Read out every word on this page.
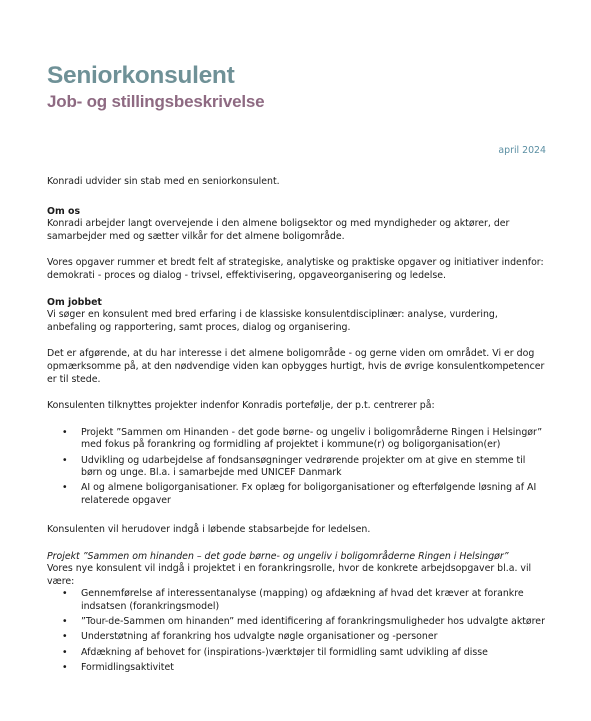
Seniorkonsulent
Job- og stillingsbeskrivelse
april 2024

Konradi udvider sin stab med en seniorkonsulent.

Om os

Konradi arbejder langt overvejende i den almene boligsektor og med myndigheder og aktører, der samarbejder med og sætter vilkår for det almene boligområde.

Vores opgaver rummer et bredt felt af strategiske, analytiske og praktiske opgaver og initiativer indenfor: demokrati - proces og dialog - trivsel, effektivisering, opgaveorganisering og ledelse.

Om jobbet

Vi søger en konsulent med bred erfaring i de klassiske konsulentdisciplinær: analyse, vurdering, anbefaling og rapportering, samt proces, dialog og organisering.

Det er afgørende, at du har interesse i det almene boligområde - og gerne viden om området. Vi er dog opmærksomme på, at den nødvendige viden kan opbygges hurtigt, hvis de øvrige konsulentkompetencer er til stede.

Konsulenten tilknyttes projekter indenfor Konradis portefølje, der p.t. centrerer på:

• Projekt ”Sammen om Hinanden - det gode børne- og ungeliv i boligområderne Ringen i Helsingør” med fokus på forankring og formidling af projektet i kommune(r) og boligorganisation(er)
• Udvikling og udarbejdelse af fondsansøgninger vedrørende projekter om at give en stemme til børn og unge. Bl.a. i samarbejde med UNICEF Danmark
• AI og almene boligorganisationer. Fx oplæg for boligorganisationer og efterfølgende løsning af AI relaterede opgaver

Konsulenten vil herudover indgå i løbende stabsarbejde for ledelsen.

Projekt ”Sammen om hinanden – det gode børne- og ungeliv i boligområderne Ringen i Helsingør”

Vores nye konsulent vil indgå i projektet i en forankringsrolle, hvor de konkrete arbejdsopgaver bl.a. vil være:

• Gennemførelse af interessentanalyse (mapping) og afdækning af hvad det kræver at forankre indsatsen (forankringsmodel)
• ”Tour-de-Sammen om hinanden” med identificering af forankringsmuligheder hos udvalgte aktører
• Understøtning af forankring hos udvalgte nøgle organisationer og -personer
• Afdækning af behovet for (inspirations-)værktøjer til formidling samt udvikling af disse
• Formidlingsaktivitet
